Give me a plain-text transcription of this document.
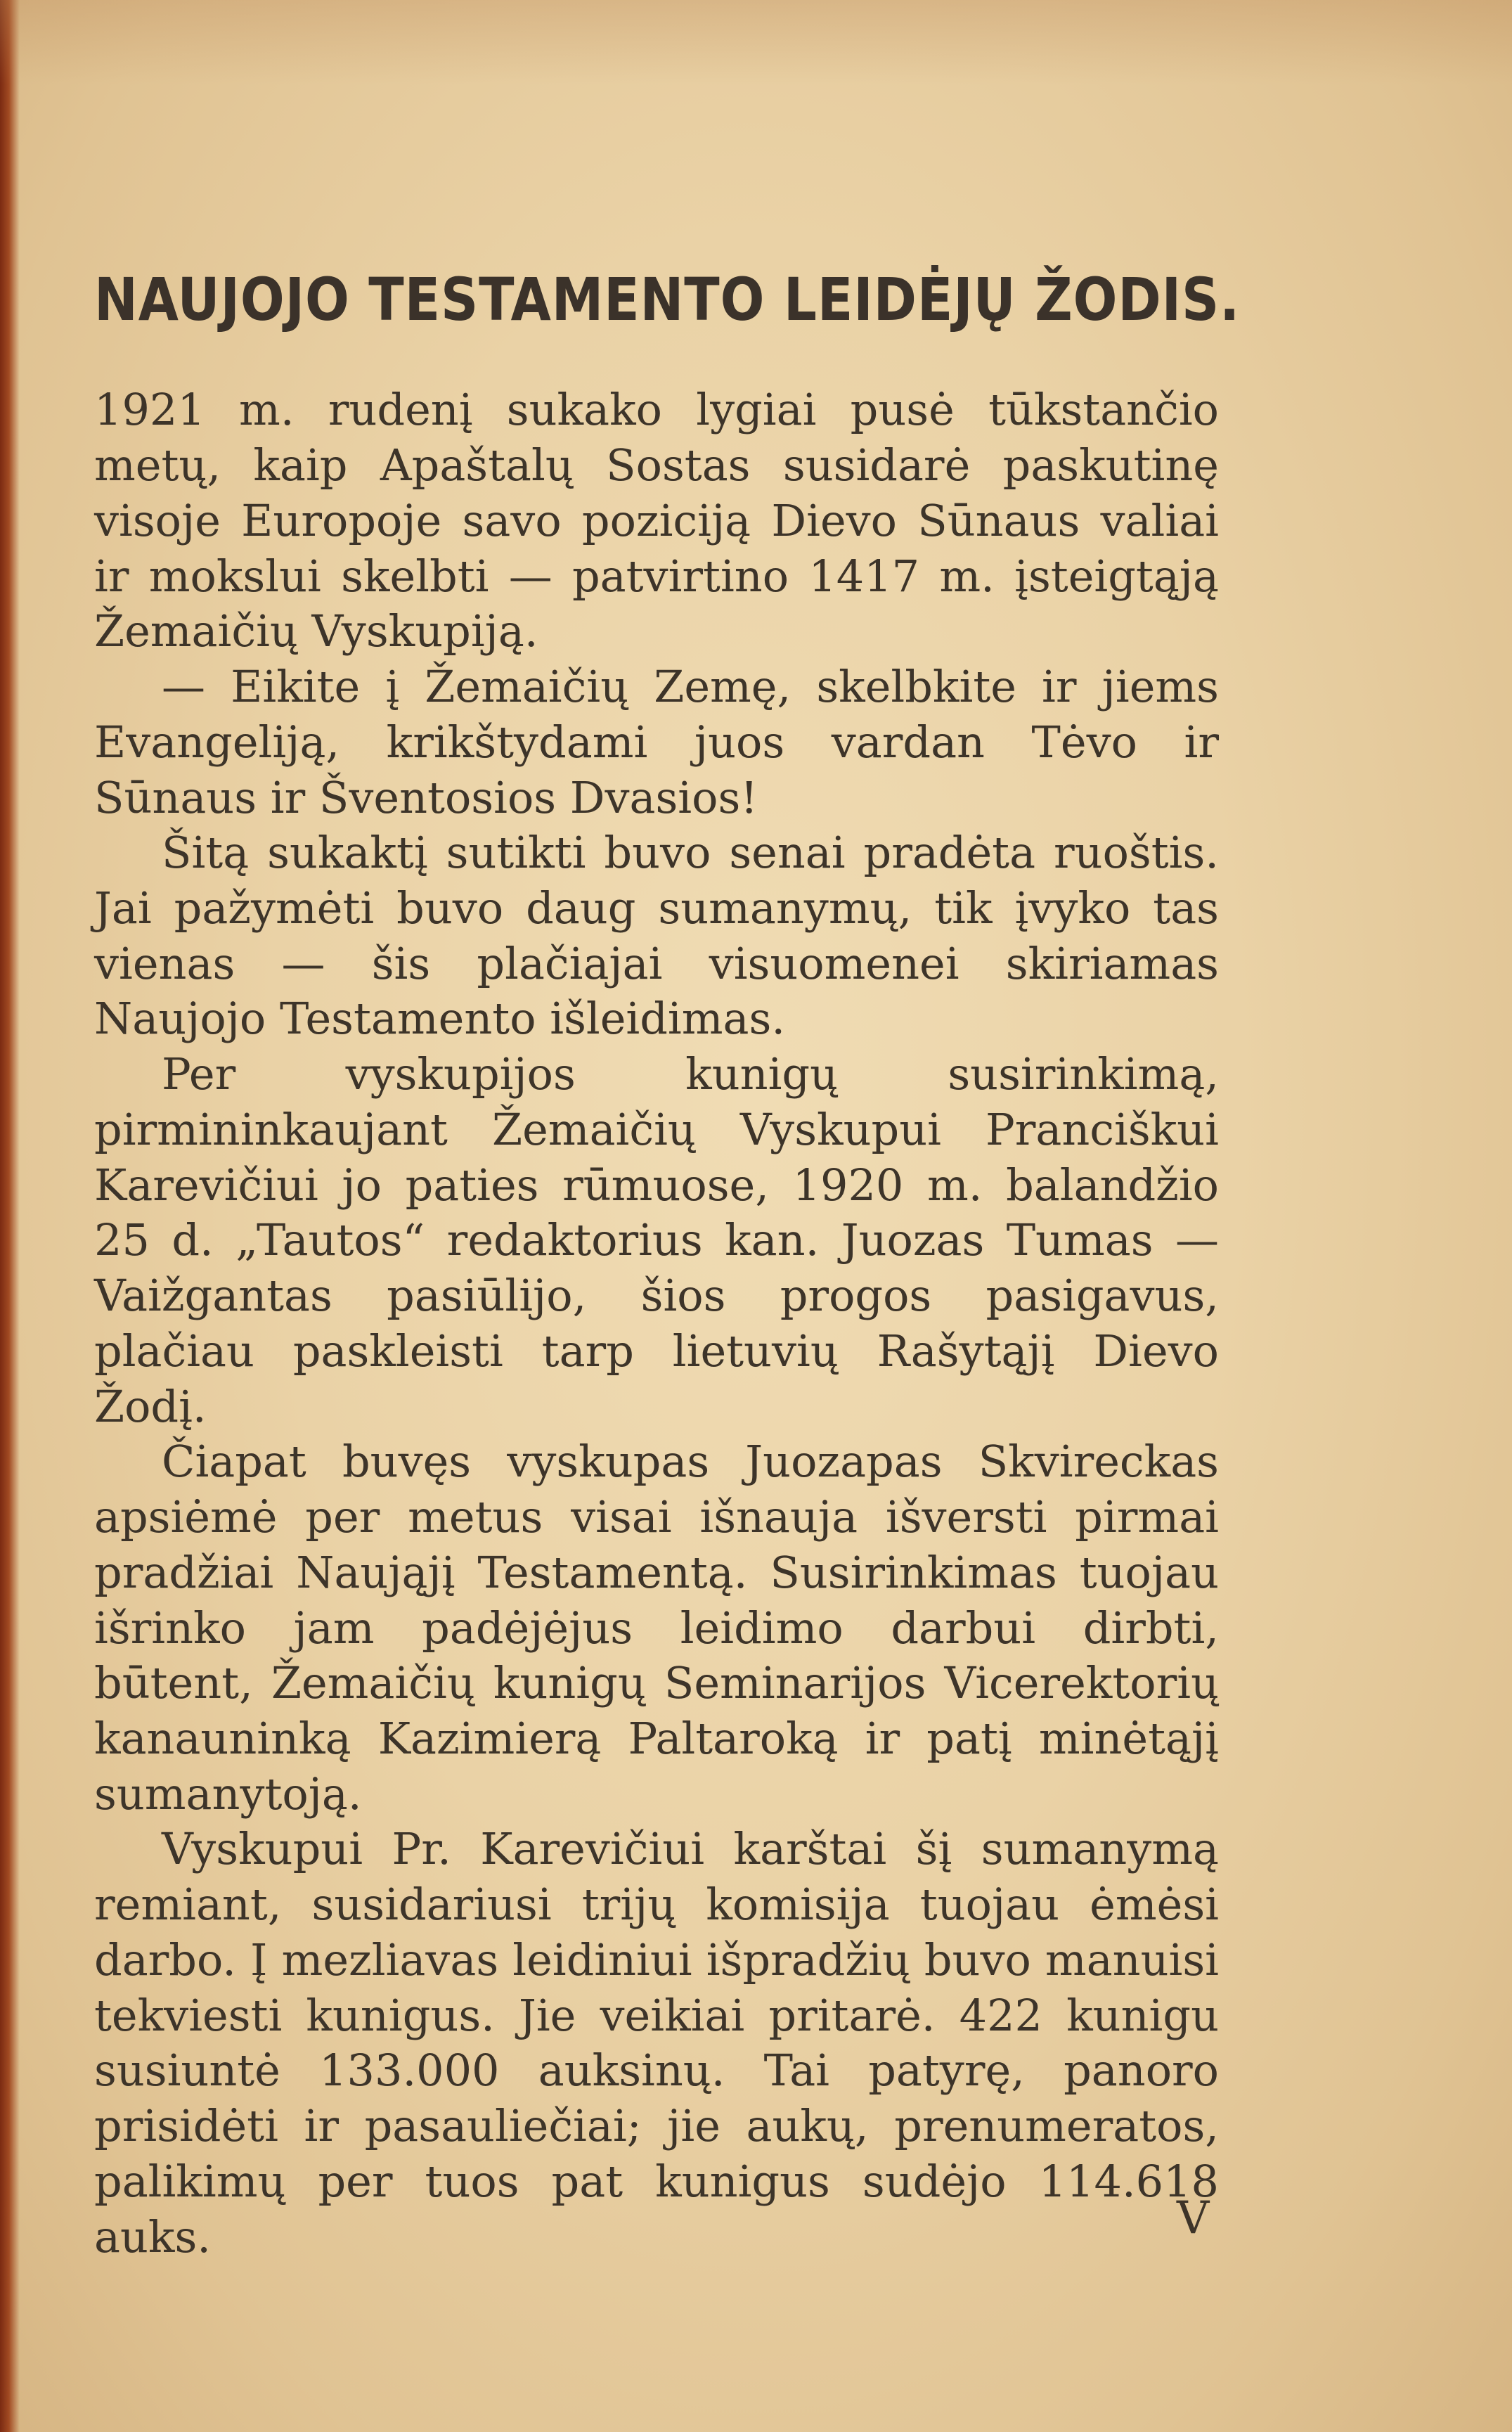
NAUJOJO TESTAMENTO LEIDĖJŲ ŽODIS.

1921 m. rudenį sukako lygiai pusė tūkstančio metų, kaip Apaštalų Sostas susidarė paskutinę visoje Europoje savo poziciją Dievo Sūnaus valiai ir mokslui skelbti — patvirtino 1417 m. įsteigtąją Žemaičių Vyskupiją.

— Eikite į Žemaičių Zemę, skelbkite ir jiems Evangeliją, krikštydami juos vardan Tėvo ir Sūnaus ir Šventosios Dvasios!

Šitą sukaktį sutikti buvo senai pradėta ruoštis. Jai pažymėti buvo daug sumanymų, tik įvyko tas vienas — šis plačiajai visuomenei skiriamas Naujojo Testamento išleidimas.

Per vyskupijos kunigų susirinkimą, pirmininkaujant Žemaičių Vyskupui Pranciškui Karevičiui jo paties rūmuose, 1920 m. balandžio 25 d. „Tautos“ redaktorius kan. Juozas Tumas — Vaižgantas pasiūlijo, šios progos pasigavus, plačiau paskleisti tarp lietuvių Rašytąjį Dievo Žodį.

Čiapat buvęs vyskupas Juozapas Skvireckas apsiėmė per metus visai išnauja išversti pirmai pradžiai Naująjį Testamentą. Susirinkimas tuojau išrinko jam padėjėjus leidimo darbui dirbti, būtent, Žemaičių kunigų Seminarijos Vicerektorių kanauninką Kazimierą Paltaroką ir patį minėtąjį sumanytoją.

Vyskupui Pr. Karevičiui karštai šį sumanymą remiant, susidariusi trijų komisija tuojau ėmėsi darbo. Į mezliavas leidiniui išpradžių buvo manuisi tekviesti kunigus. Jie veikiai pritarė. 422 kunigu susiuntė 133.000 auksinų. Tai patyrę, panoro prisidėti ir pasauliečiai; jie aukų, prenumeratos, palikimų per tuos pat kunigus sudėjo 114.618 auks.	V
